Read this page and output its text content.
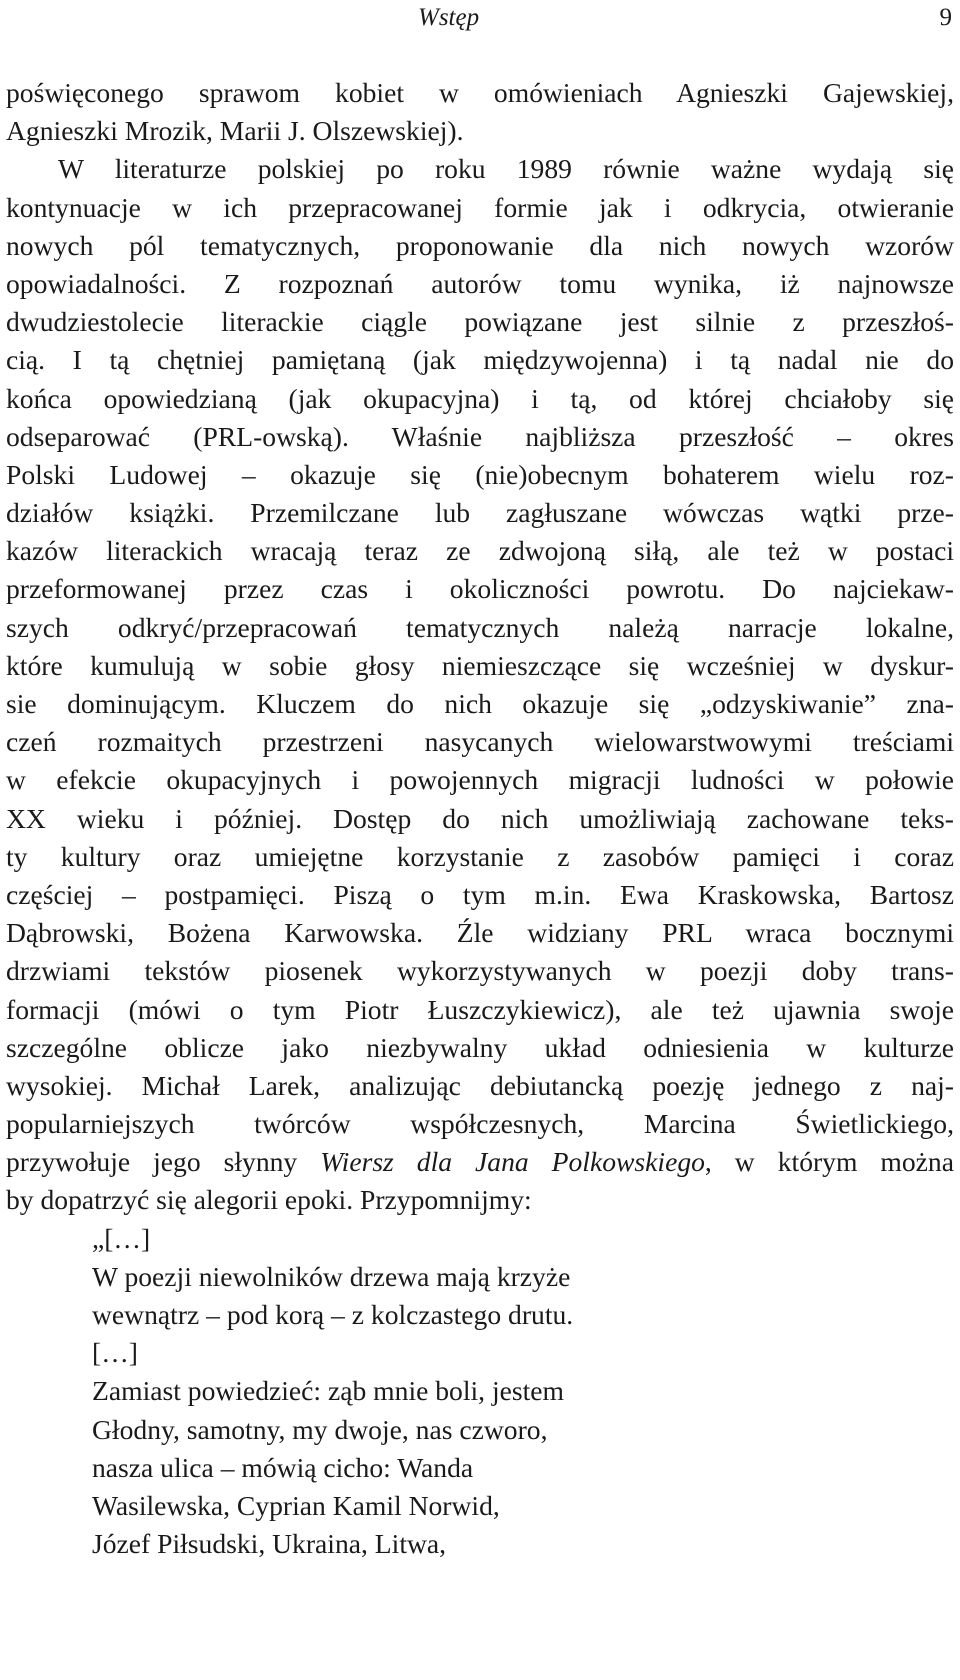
Wstęp	9
poświęconego sprawom kobiet w omówieniach Agnieszki Gajewskiej,
Agnieszki Mrozik, Marii J. Olszewskiej).
W literaturze polskiej po roku 1989 równie ważne wydają się
kontynuacje w ich przepracowanej formie jak i odkrycia, otwieranie
nowych pól tematycznych, proponowanie dla nich nowych wzorów
opowiadalności. Z rozpoznań autorów tomu wynika, iż najnowsze
dwudziestolecie literackie ciągle powiązane jest silnie z przeszłoś-
cią. I tą chętniej pamiętaną (jak międzywojenna) i tą nadal nie do
końca opowiedzianą (jak okupacyjna) i tą, od której chciałoby się
odseparować (PRL-owską). Właśnie najbliższa przeszłość – okres
Polski Ludowej – okazuje się (nie)obecnym bohaterem wielu roz-
działów książki. Przemilczane lub zagłuszane wówczas wątki prze-
kazów literackich wracają teraz ze zdwojoną siłą, ale też w postaci
przeformowanej przez czas i okoliczności powrotu. Do najciekaw-
szych odkryć/przepracowań tematycznych należą narracje lokalne,
które kumulują w sobie głosy niemieszczące się wcześniej w dyskur-
sie dominującym. Kluczem do nich okazuje się „odzyskiwanie” zna-
czeń rozmaitych przestrzeni nasycanych wielowarstwowymi treściami
w efekcie okupacyjnych i powojennych migracji ludności w połowie
XX wieku i później. Dostęp do nich umożliwiają zachowane teks-
ty kultury oraz umiejętne korzystanie z zasobów pamięci i coraz
częściej – postpamięci. Piszą o tym m.in. Ewa Kraskowska, Bartosz
Dąbrowski, Bożena Karwowska. Źle widziany PRL wraca bocznymi
drzwiami tekstów piosenek wykorzystywanych w poezji doby trans-
formacji (mówi o tym Piotr Łuszczykiewicz), ale też ujawnia swoje
szczególne oblicze jako niezbywalny układ odniesienia w kulturze
wysokiej. Michał Larek, analizując debiutancką poezję jednego z naj-
popularniejszych twórców współczesnych, Marcina Świetlickiego,
przywołuje jego słynny Wiersz dla Jana Polkowskiego, w którym można
by dopatrzyć się alegorii epoki. Przypomnijmy:
„[…]
W poezji niewolników drzewa mają krzyże
wewnątrz – pod korą – z kolczastego drutu.
[…]
Zamiast powiedzieć: ząb mnie boli, jestem
Głodny, samotny, my dwoje, nas czworo,
nasza ulica – mówią cicho: Wanda
Wasilewska, Cyprian Kamil Norwid,
Józef Piłsudski, Ukraina, Litwa,
